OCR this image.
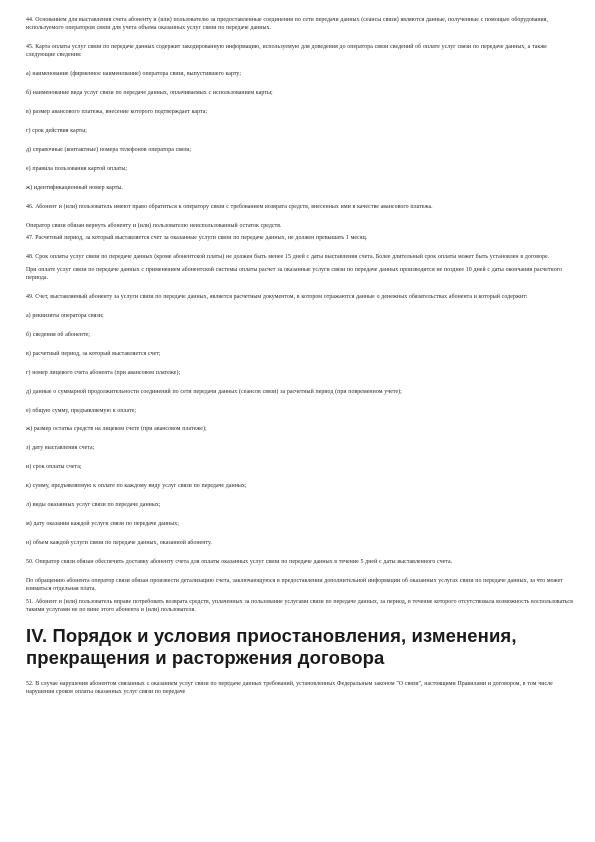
44. Основанием для выставления счета абоненту и (или) пользователю за предоставленные соединения по сети передачи данных (сеансы связи) являются данные, полученные с помощью оборудования, используемого оператором связи для учета объема оказанных услуг связи по передаче данных.

45. Карта оплаты услуг связи по передаче данных содержит закодированную информацию, используемую для доведения до оператора связи сведений об оплате услуг связи по передаче данных, а также следующие сведения:

а) наименование (фирменное наименование) оператора связи, выпустившего карту;

б) наименование вида услуг связи по передаче данных, оплачиваемых с использованием карты;

в) размер авансового платежа, внесение которого подтверждает карта;

г) срок действия карты;

д) справочные (контактные) номера телефонов оператора связи;

е) правила пользования картой оплаты;

ж) идентификационный номер карты.

46. Абонент и (или) пользователь имеют право обратиться к оператору связи с требованием возврата средств, внесенных ими в качестве авансового платежа.

Оператор связи обязан вернуть абоненту и (или) пользователю неиспользованный остаток средств.

47. Расчетный период, за который выставляется счет за оказанные услуги связи по передаче данных, не должен превышать 1 месяц.

48. Срок оплаты услуг связи по передаче данных (кроме абонентской платы) не должен быть менее 15 дней с даты выставления счета. Более длительный срок оплаты может быть установлен в договоре.

При оплате услуг связи по передаче данных с применением абонентской системы оплаты расчет за оказанные услуги связи по передаче данных производится не позднее 10 дней с даты окончания расчетного периода.

49. Счет, выставляемый абоненту за услуги связи по передаче данных, является расчетным документом, в котором отражаются данные о денежных обязательствах абонента и который содержит:

а) реквизиты оператора связи;

б) сведения об абоненте;

в) расчетный период, за который выставляется счет;

г) номер лицевого счета абонента (при авансовом платеже);

д) данные о суммарной продолжительности соединений по сети передачи данных (сеансов связи) за расчетный период (при повременном учете);

е) общую сумму, предъявляемую к оплате;

ж) размер остатка средств на лицевом счете (при авансовом платеже);

з) дату выставления счета;

и) срок оплаты счета;

к) сумму, предъявляемую к оплате по каждому виду услуг связи по передаче данных;

л) виды оказанных услуг связи по передаче данных;

м) дату оказания каждой услуги связи по передаче данных;

н) объем каждой услуги связи по передаче данных, оказанной абоненту.

50. Оператор связи обязан обеспечить доставку абоненту счета для оплаты оказанных услуг связи по передаче данных в течение 5 дней с даты выставленного счета.

По обращению абонента оператор связи обязан произвести детализацию счета, заключающуюся в предоставлении дополнительной информации об оказанных услугах связи по передаче данных, за что может взиматься отдельная плата.

51. Абонент и (или) пользователь вправе потребовать возврата средств, уплаченных за пользование услугами связи по передаче данных, за период, в течение которого отсутствовала возможность воспользоваться такими услугами не по вине этого абонента и (или) пользователя.

IV. Порядок и условия приостановления, изменения, прекращения и расторжения договора

52. В случае нарушения абонентом связанных с оказанием услуг связи по передаче данных требований, установленных Федеральным законом "О связи", настоящими Правилами и договором, в том числе нарушения сроков оплаты оказанных услуг связи по передаче
